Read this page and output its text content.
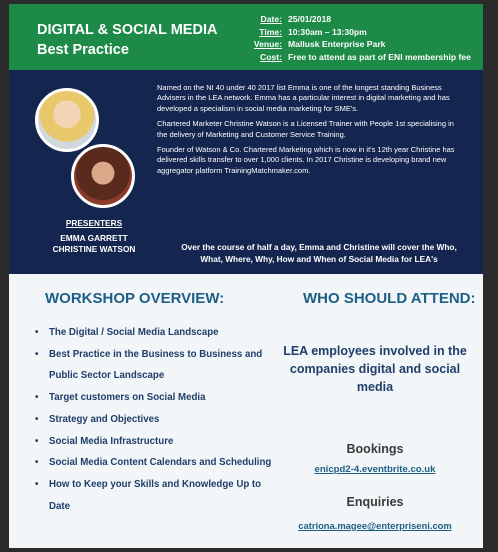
DIGITAL & SOCIAL MEDIA
Best Practice
Date: 25/01/2018
Time: 10:30am – 13:30pm
Venue: Mallusk Enterprise Park
Cost: Free to attend as part of ENI membership fee
PRESENTERS
EMMA GARRETT
CHRISTINE WATSON

Named on the NI 40 under 40 2017 list Emma is one of the longest standing Business Advisers in the LEA network. Emma has a particular interest in digital marketing and has developed a specialism in social media marketing for SME's.

Chartered Marketer Christine Watson is a Licensed Trainer with People 1st specialising in the delivery of Marketing and Customer Service Training.

Founder of Watson & Co. Chartered Marketing which is now in it's 12th year Christine has delivered skills transfer to over 1,000 clients. In 2017 Christine is developing brand new aggregator platform TrainingMatchmaker.com.

Over the course of half a day, Emma and Christine will cover the Who, What, Where, Why, How and When of Social Media for LEA's
WORKSHOP OVERVIEW:
• The Digital / Social Media Landscape
• Best Practice in the Business to Business and Public Sector Landscape
• Target customers on Social Media
• Strategy and Objectives
• Social Media Infrastructure
• Social Media Content Calendars and Scheduling
• How to Keep your Skills and Knowledge Up to Date
WHO SHOULD ATTEND:
LEA employees involved in the companies digital and social media
Bookings
enicpd2-4.eventbrite.co.uk
Enquiries
catriona.magee@enterpriseni.com
